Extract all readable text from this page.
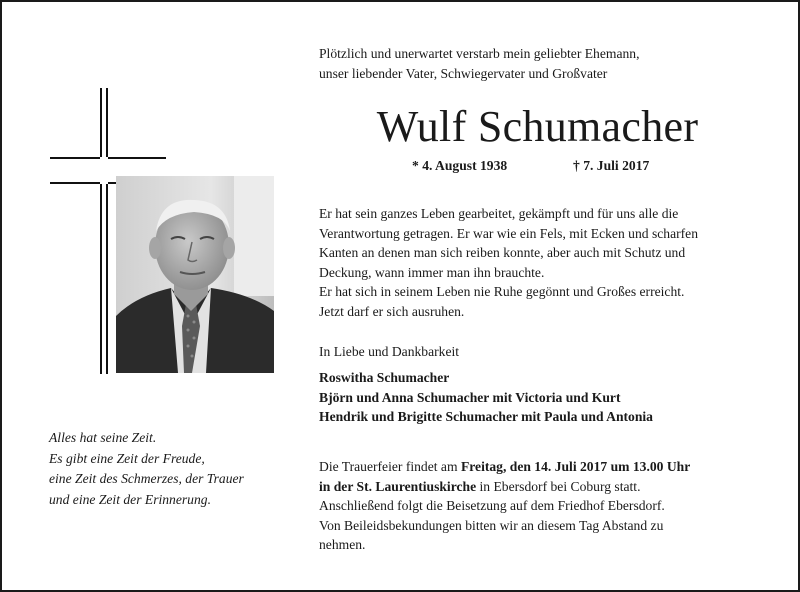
Alles hat seine Zeit.
Es gibt eine Zeit der Freude,
eine Zeit des Schmerzes, der Trauer
und eine Zeit der Erinnerung.
Plötzlich und unerwartet verstarb mein geliebter Ehemann,
unser liebender Vater, Schwiegervater und Großvater
Wulf Schumacher
* 4. August 1938	† 7. Juli 2017
Er hat sein ganzes Leben gearbeitet, gekämpft und für uns alle die
Verantwortung getragen. Er war wie ein Fels, mit Ecken und scharfen
Kanten an denen man sich reiben konnte, aber auch mit Schutz und
Deckung, wann immer man ihn brauchte.
Er hat sich in seinem Leben nie Ruhe gegönnt und Großes erreicht.
Jetzt darf er sich ausruhen.
In Liebe und Dankbarkeit
Roswitha Schumacher
Björn und Anna Schumacher mit Victoria und Kurt
Hendrik und Brigitte Schumacher mit Paula und Antonia
Die Trauerfeier findet am Freitag, den 14. Juli 2017 um 13.00 Uhr
in der St. Laurentiuskirche in Ebersdorf bei Coburg statt.
Anschließend folgt die Beisetzung auf dem Friedhof Ebersdorf.
Von Beileidsbekundungen bitten wir an diesem Tag Abstand zu
nehmen.
